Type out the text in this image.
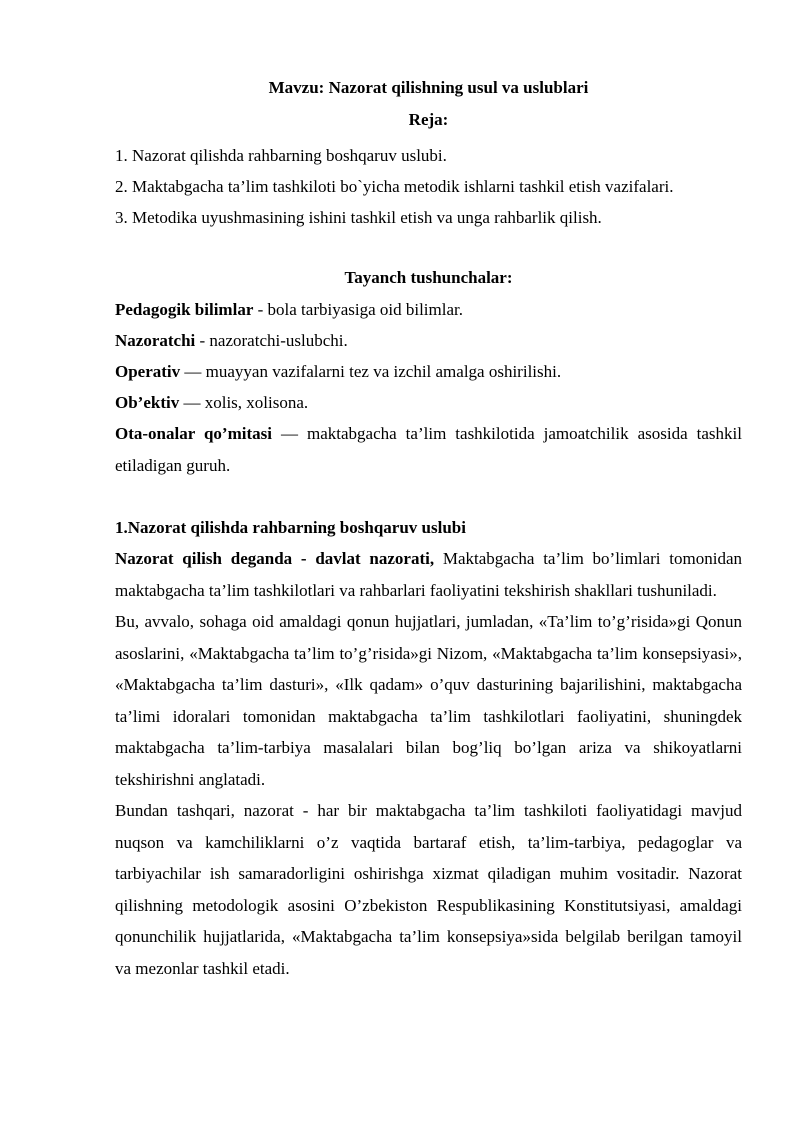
Mavzu: Nazorat qilishning usul va uslublari

Reja:

1. Nazorat qilishda rahbarning boshqaruv uslubi.

2. Maktabgacha ta’lim tashkiloti bo`yicha metodik ishlarni tashkil etish vazifalari.

3. Metodika uyushmasining ishini tashkil etish va unga rahbarlik qilish.

Tayanch tushunchalar:

Pedagogik bilimlar - bola tarbiyasiga oid bilimlar.

Nazoratchi - nazoratchi-uslubchi.

Operativ — muayyan vazifalarni tez va izchil amalga oshirilishi.

Ob’ektiv — xolis, xolisona.

Ota-onalar qo’mitasi — maktabgacha ta’lim tashkilotida jamoatchilik asosida tashkil etiladigan guruh.

1.Nazorat qilishda rahbarning boshqaruv uslubi

Nazorat qilish deganda - davlat nazorati, Maktabgacha ta’lim bo’limlari tomonidan maktabgacha ta’lim tashkilotlari va rahbarlari faoliyatini tekshirish shakllari tushuniladi.

Bu, avvalo, sohaga oid amaldagi qonun hujjatlari, jumladan, «Ta’lim to’g’risida»gi Qonun asoslarini, «Maktabgacha ta’lim to’g’risida»gi Nizom, «Maktabgacha ta’lim konsepsiyasi», «Maktabgacha ta’lim dasturi», «Ilk qadam» o’quv dasturining bajarilishini, maktabgacha ta’limi idoralari tomonidan maktabgacha ta’lim tashkilotlari faoliyatini, shuningdek maktabgacha ta’lim-tarbiya masalalari bilan bog’liq bo’lgan ariza va shikoyatlarni tekshirishni anglatadi.

Bundan tashqari, nazorat - har bir maktabgacha ta’lim tashkiloti faoliyatidagi mavjud nuqson va kamchiliklarni o’z vaqtida bartaraf etish, ta’lim-tarbiya, pedagoglar va tarbiyachilar ish samaradorligini oshirishga xizmat qiladigan muhim vositadir. Nazorat qilishning metodologik asosini O’zbekiston Respublikasining Konstitutsiyasi, amaldagi qonunchilik hujjatlarida, «Maktabgacha ta’lim konsepsiya»sida belgilab berilgan tamoyil va mezonlar tashkil etadi.
